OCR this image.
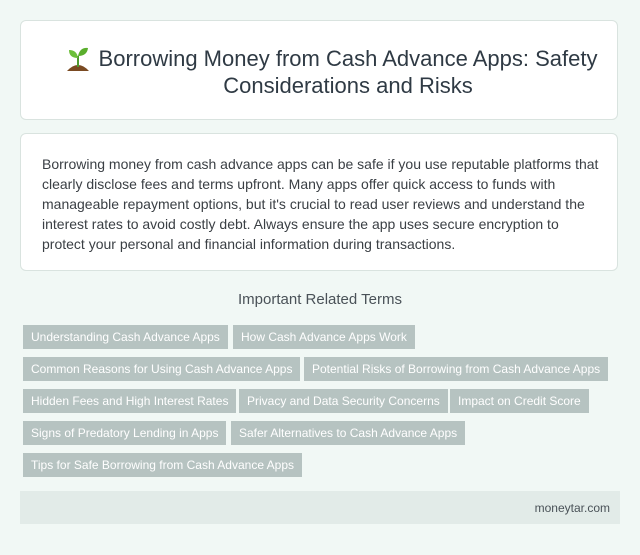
Borrowing Money from Cash Advance Apps: Safety Considerations and Risks
Borrowing money from cash advance apps can be safe if you use reputable platforms that clearly disclose fees and terms upfront. Many apps offer quick access to funds with manageable repayment options, but it's crucial to read user reviews and understand the interest rates to avoid costly debt. Always ensure the app uses secure encryption to protect your personal and financial information during transactions.
Important Related Terms
Understanding Cash Advance Apps	How Cash Advance Apps Work
Common Reasons for Using Cash Advance Apps	Potential Risks of Borrowing from Cash Advance Apps
Hidden Fees and High Interest Rates	Privacy and Data Security Concerns	Impact on Credit Score
Signs of Predatory Lending in Apps	Safer Alternatives to Cash Advance Apps
Tips for Safe Borrowing from Cash Advance Apps
moneytar.com
